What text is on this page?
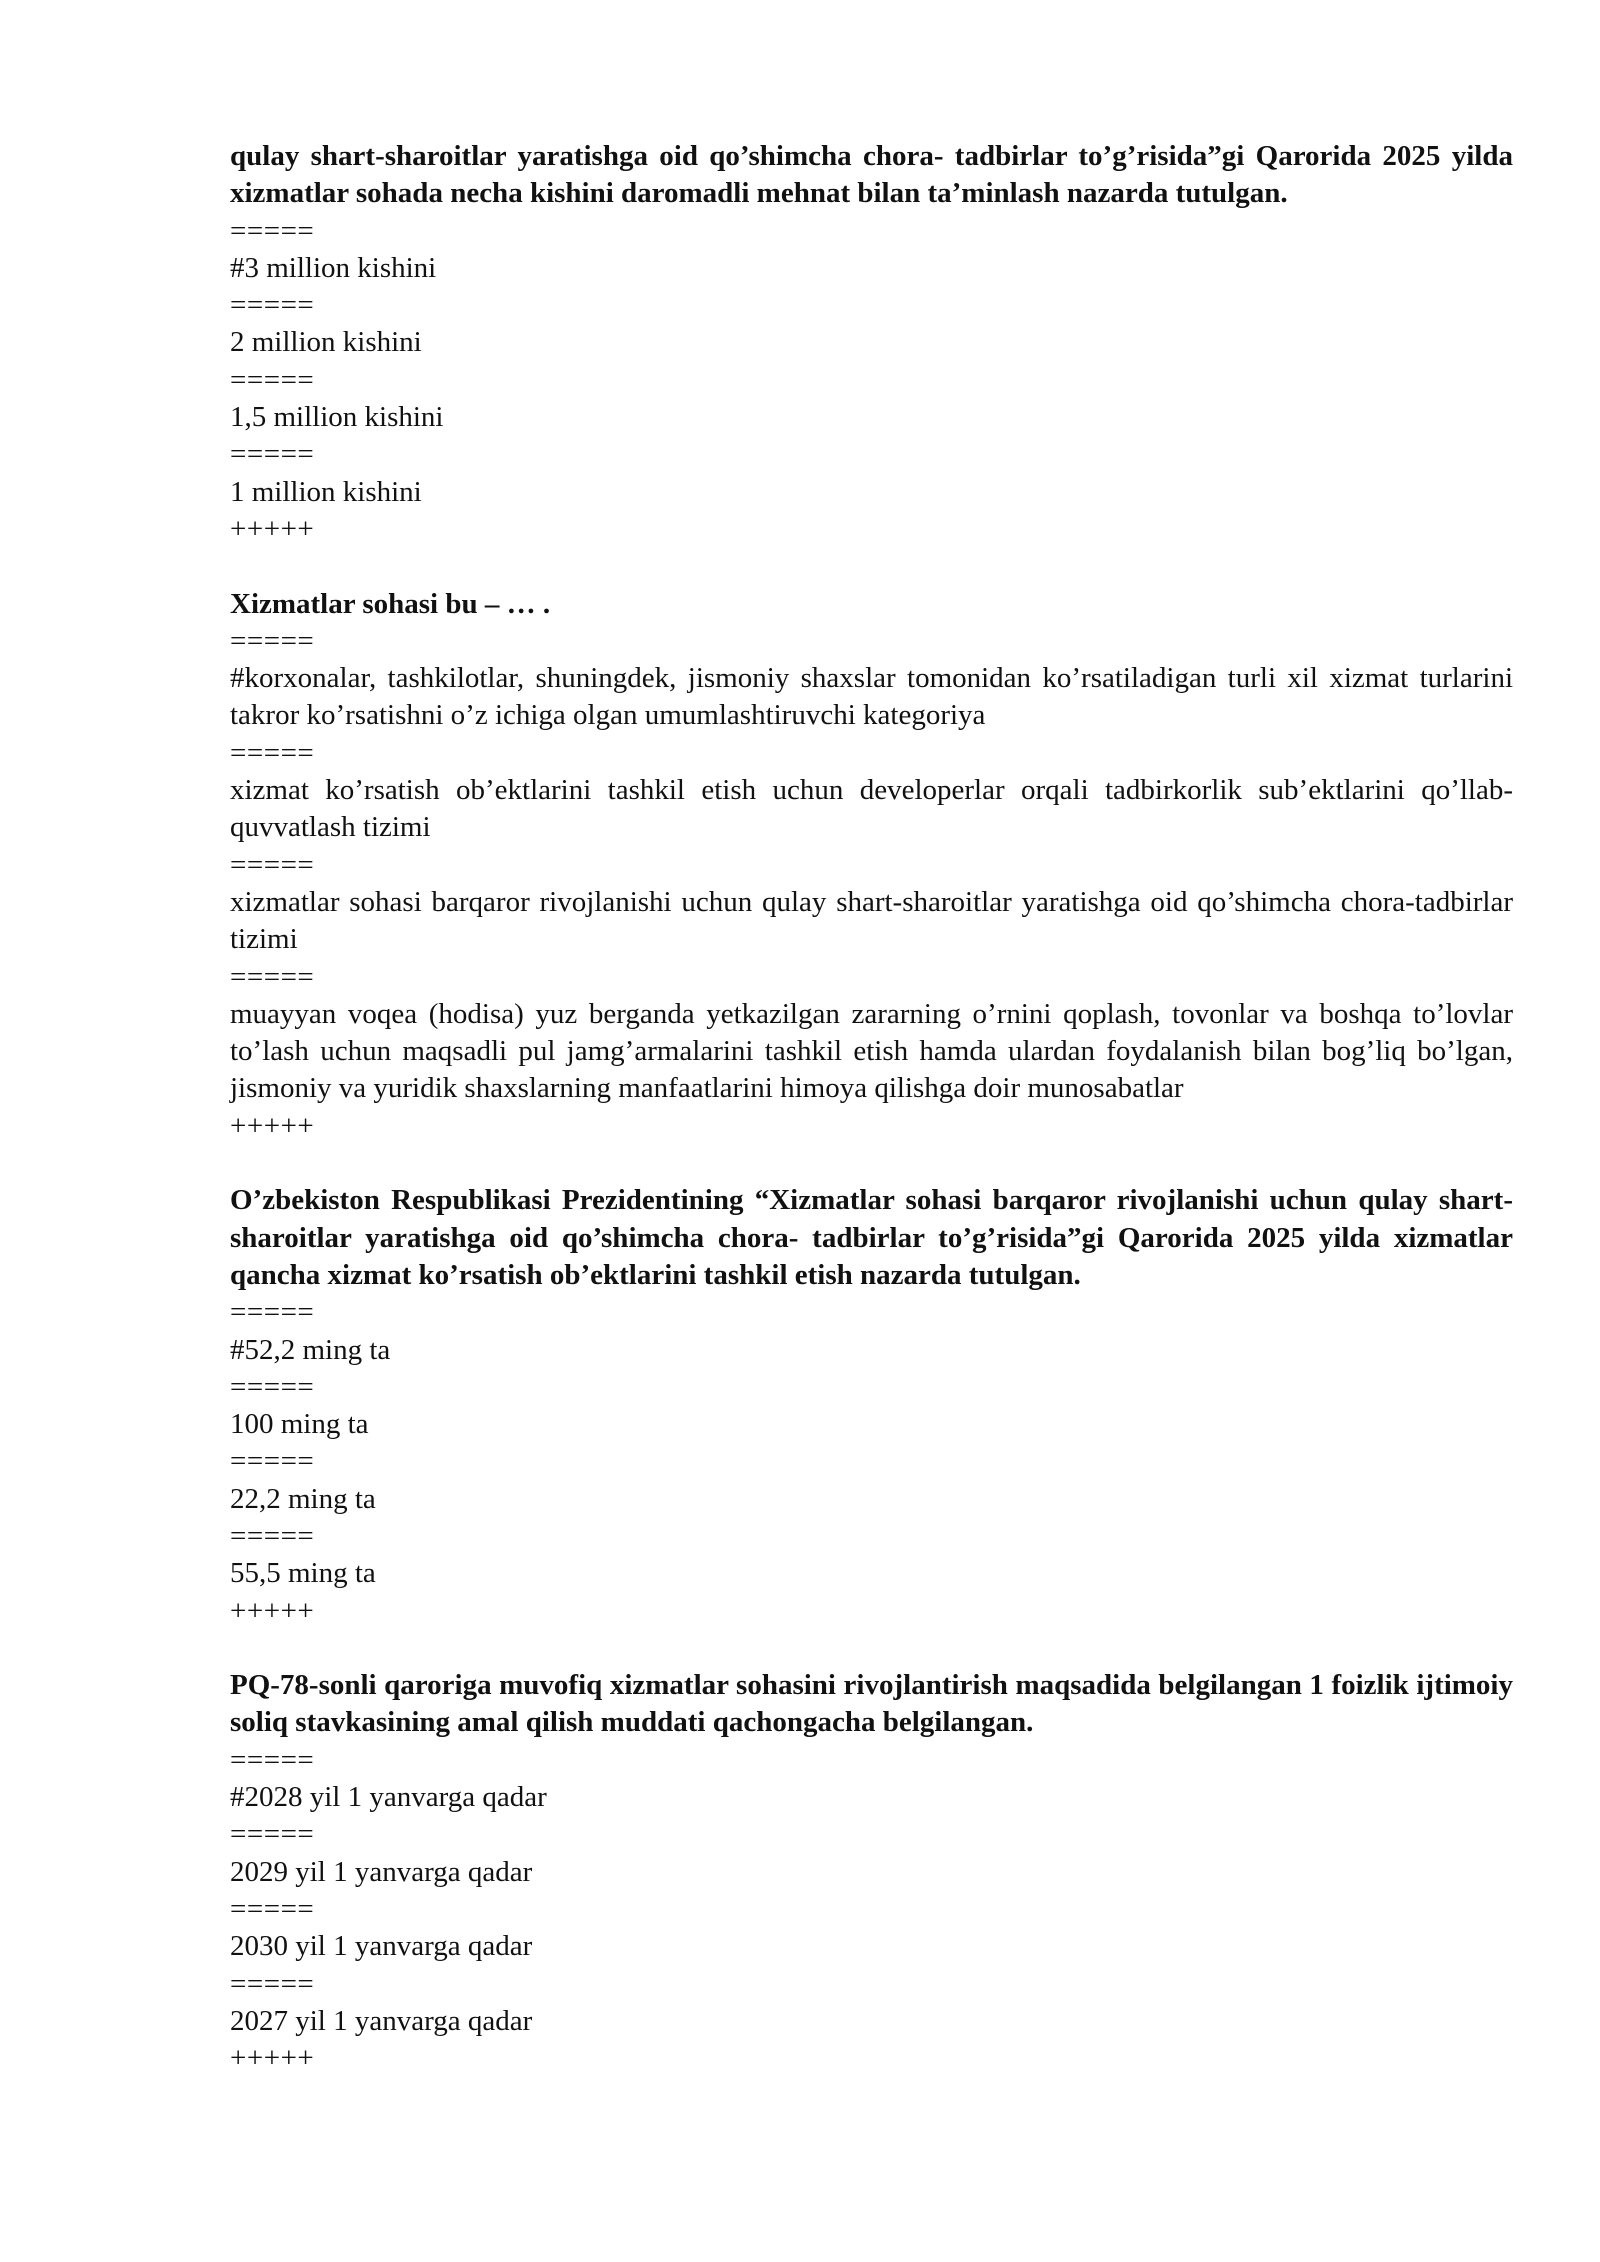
qulay shart-sharoitlar yaratishga oid qo’shimcha chora- tadbirlar to’g’risida”gi Qarorida 2025 yilda xizmatlar sohada necha kishini daromadli mehnat bilan ta’minlash nazarda tutulgan.

=====

#3 million kishini

=====

2 million kishini

=====

1,5 million kishini

=====

1 million kishini

+++++

Xizmatlar sohasi bu – … .

=====

#korxonalar, tashkilotlar, shuningdek, jismoniy shaxslar tomonidan ko’rsatiladigan turli xil xizmat turlarini takror ko’rsatishni o’z ichiga olgan umumlashtiruvchi kategoriya

=====

xizmat ko’rsatish ob’ektlarini tashkil etish uchun developerlar orqali tadbirkorlik sub’ektlarini qo’llab-quvvatlash tizimi

=====

xizmatlar sohasi barqaror rivojlanishi uchun qulay shart-sharoitlar yaratishga oid qo’shimcha chora-tadbirlar tizimi

=====

muayyan voqea (hodisa) yuz berganda yetkazilgan zararning o’rnini qoplash, tovonlar va boshqa to’lovlar to’lash uchun maqsadli pul jamg’armalarini tashkil etish hamda ulardan foydalanish bilan bog’liq bo’lgan, jismoniy va yuridik shaxslarning manfaatlarini himoya qilishga doir munosabatlar

+++++

O’zbekiston Respublikasi Prezidentining “Xizmatlar sohasi barqaror rivojlanishi uchun qulay shart-sharoitlar yaratishga oid qo’shimcha chora- tadbirlar to’g’risida”gi Qarorida 2025 yilda xizmatlar qancha xizmat ko’rsatish ob’ektlarini tashkil etish nazarda tutulgan.

=====

#52,2 ming ta

=====

100 ming ta

=====

22,2 ming ta

=====

55,5 ming ta

+++++

PQ-78-sonli qaroriga muvofiq xizmatlar sohasini rivojlantirish maqsadida belgilangan 1 foizlik ijtimoiy soliq stavkasining amal qilish muddati qachongacha belgilangan.

=====

#2028 yil 1 yanvarga qadar

=====

2029 yil 1 yanvarga qadar

=====

2030 yil 1 yanvarga qadar

=====

2027 yil 1 yanvarga qadar

+++++
